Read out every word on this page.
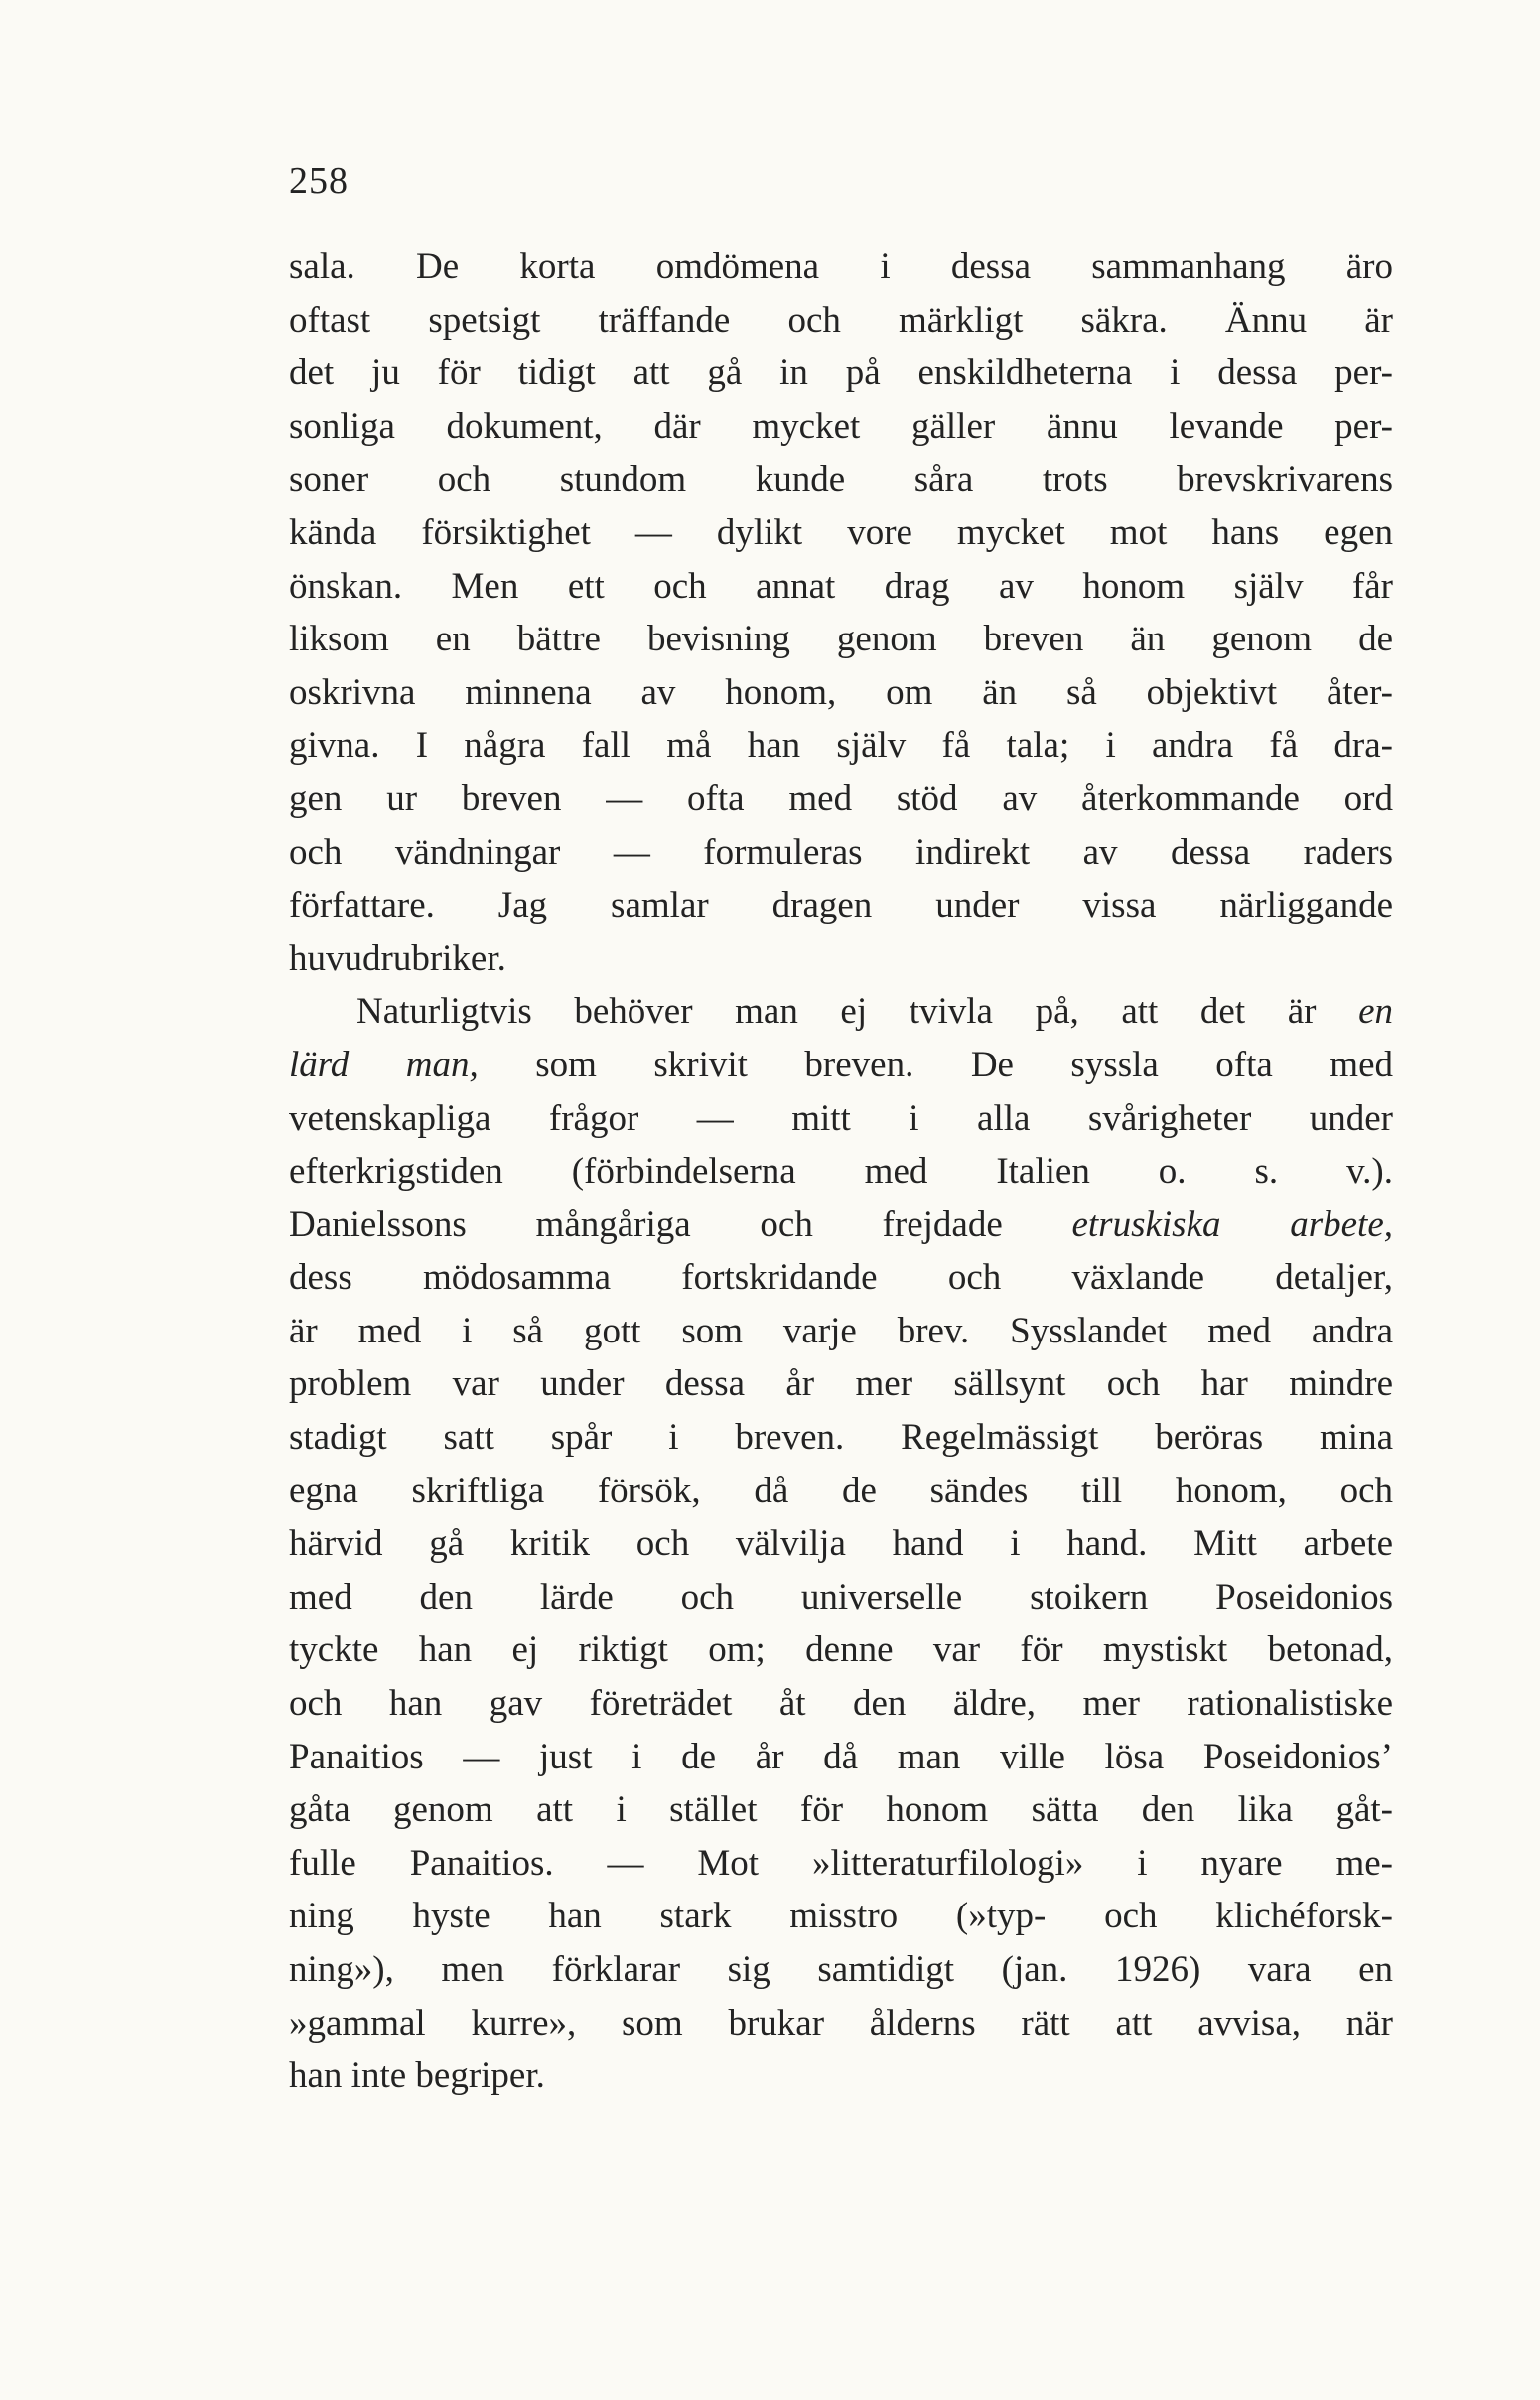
258
sala. De korta omdömena i dessa sammanhang äro
oftast spetsigt träffande och märkligt säkra. Ännu är
det ju för tidigt att gå in på enskildheterna i dessa per-
sonliga dokument, där mycket gäller ännu levande per-
soner och stundom kunde såra trots brevskrivarens
kända försiktighet — dylikt vore mycket mot hans egen
önskan. Men ett och annat drag av honom själv får
liksom en bättre bevisning genom breven än genom de
oskrivna minnena av honom, om än så objektivt åter-
givna. I några fall må han själv få tala; i andra få dra-
gen ur breven — ofta med stöd av återkommande ord
och vändningar — formuleras indirekt av dessa raders
författare. Jag samlar dragen under vissa närliggande
huvudrubriker.
Naturligtvis behöver man ej tvivla på, att det är en
lärd man, som skrivit breven. De syssla ofta med
vetenskapliga frågor — mitt i alla svårigheter under
efterkrigstiden (förbindelserna med Italien o. s. v.).
Danielssons mångåriga och frejdade etruskiska arbete,
dess mödosamma fortskridande och växlande detaljer,
är med i så gott som varje brev. Sysslandet med andra
problem var under dessa år mer sällsynt och har mindre
stadigt satt spår i breven. Regelmässigt beröras mina
egna skriftliga försök, då de sändes till honom, och
härvid gå kritik och välvilja hand i hand. Mitt arbete
med den lärde och universelle stoikern Poseidonios
tyckte han ej riktigt om; denne var för mystiskt betonad,
och han gav företrädet åt den äldre, mer rationalistiske
Panaitios — just i de år då man ville lösa Poseidonios’
gåta genom att i stället för honom sätta den lika gåt-
fulle Panaitios. — Mot »litteraturfilologi» i nyare me-
ning hyste han stark misstro (»typ- och klichéforsk-
ning»), men förklarar sig samtidigt (jan. 1926) vara en
»gammal kurre», som brukar ålderns rätt att avvisa, när
han inte begriper.
